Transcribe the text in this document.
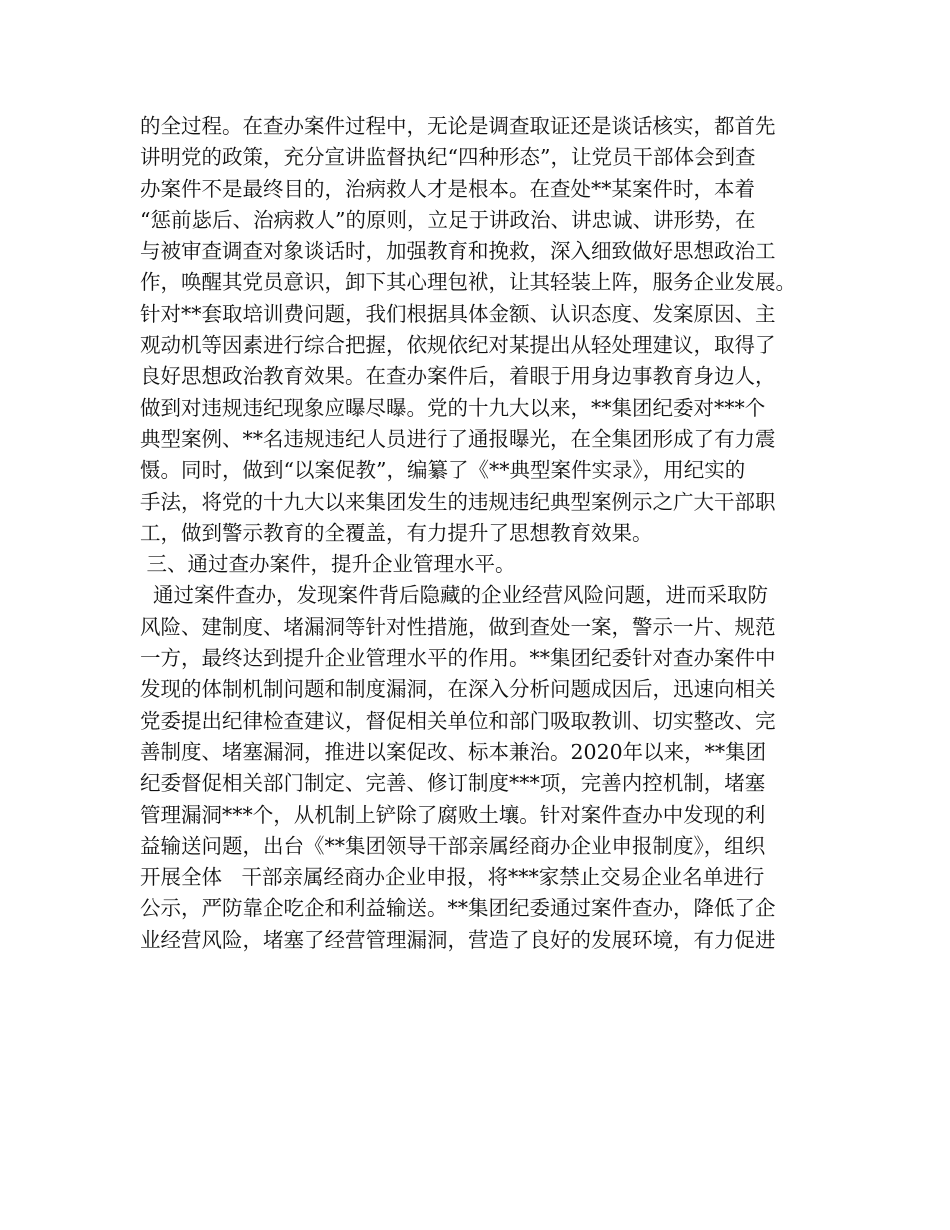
的全过程。在查办案件过程中，无论是调查取证还是谈话核实，都首先
讲明党的政策，充分宣讲监督执纪“四种形态”，让党员干部体会到查
办案件不是最终目的，治病救人才是根本。在查处**某案件时，本着
“惩前毖后、治病救人”的原则，立足于讲政治、讲忠诚、讲形势，在
与被审查调查对象谈话时，加强教育和挽救，深入细致做好思想政治工
作，唤醒其党员意识，卸下其心理包袱，让其轻装上阵，服务企业发展。
针对**套取培训费问题，我们根据具体金额、认识态度、发案原因、主
观动机等因素进行综合把握，依规依纪对某提出从轻处理建议，取得了
良好思想政治教育效果。在查办案件后，着眼于用身边事教育身边人，
做到对违规违纪现象应曝尽曝。党的十九大以来，**集团纪委对***个
典型案例、**名违规违纪人员进行了通报曝光，在全集团形成了有力震
慑。同时，做到“以案促教”，编纂了《**典型案件实录》，用纪实的
手法，将党的十九大以来集团发生的违规违纪典型案例示之广大干部职
工，做到警示教育的全覆盖，有力提升了思想教育效果。
三、通过查办案件，提升企业管理水平。
通过案件查办，发现案件背后隐藏的企业经营风险问题，进而采取防
风险、建制度、堵漏洞等针对性措施，做到查处一案，警示一片、规范
一方，最终达到提升企业管理水平的作用。**集团纪委针对查办案件中
发现的体制机制问题和制度漏洞，在深入分析问题成因后，迅速向相关
党委提出纪律检查建议，督促相关单位和部门吸取教训、切实整改、完
善制度、堵塞漏洞，推进以案促改、标本兼治。2020年以来，**集团
纪委督促相关部门制定、完善、修订制度***项，完善内控机制，堵塞
管理漏洞***个，从机制上铲除了腐败土壤。针对案件查办中发现的利
益输送问题，出台《**集团领导干部亲属经商办企业申报制度》，组织
开展全体   干部亲属经商办企业申报，将***家禁止交易企业名单进行
公示，严防靠企吃企和利益输送。**集团纪委通过案件查办，降低了企
业经营风险，堵塞了经营管理漏洞，营造了良好的发展环境，有力促进
